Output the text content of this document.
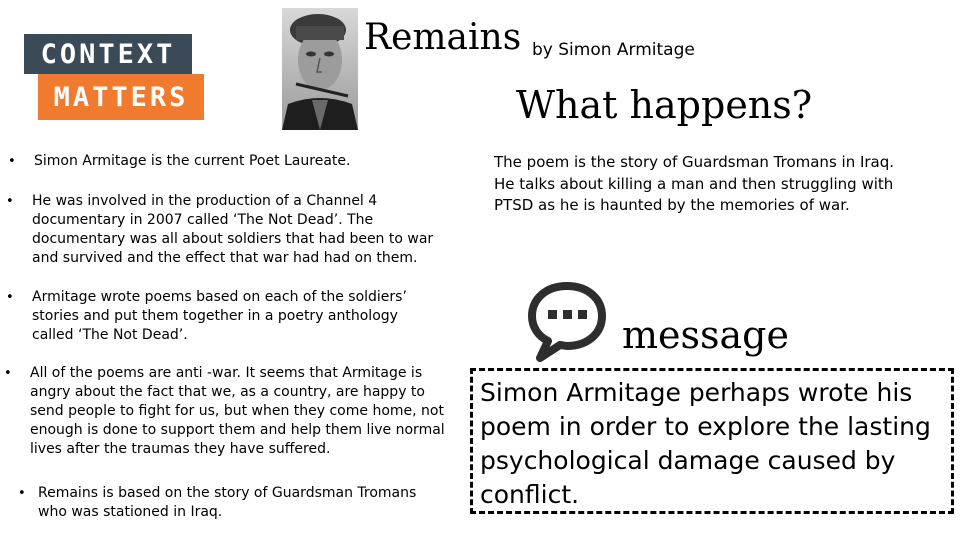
CONTEXT
MATTERS
Remains by Simon Armitage
What happens?
• Simon Armitage is the current Poet Laureate.
• He was involved in the production of a Channel 4 documentary in 2007 called ‘The Not Dead’. The documentary was all about soldiers that had been to war and survived and the effect that war had had on them.
• Armitage wrote poems based on each of the soldiers’ stories and put them together in a poetry anthology called ‘The Not Dead’.
• All of the poems are anti -war. It seems that Armitage is angry about the fact that we, as a country, are happy to send people to fight for us, but when they come home, not enough is done to support them and help them live normal lives after the traumas they have suffered.
• Remains is based on the story of Guardsman Tromans who was stationed in Iraq.
The poem is the story of Guardsman Tromans in Iraq. He talks about killing a man and then struggling with PTSD as he is haunted by the memories of war.
message
Simon Armitage perhaps wrote his poem in order to explore the lasting psychological damage caused by conflict.
